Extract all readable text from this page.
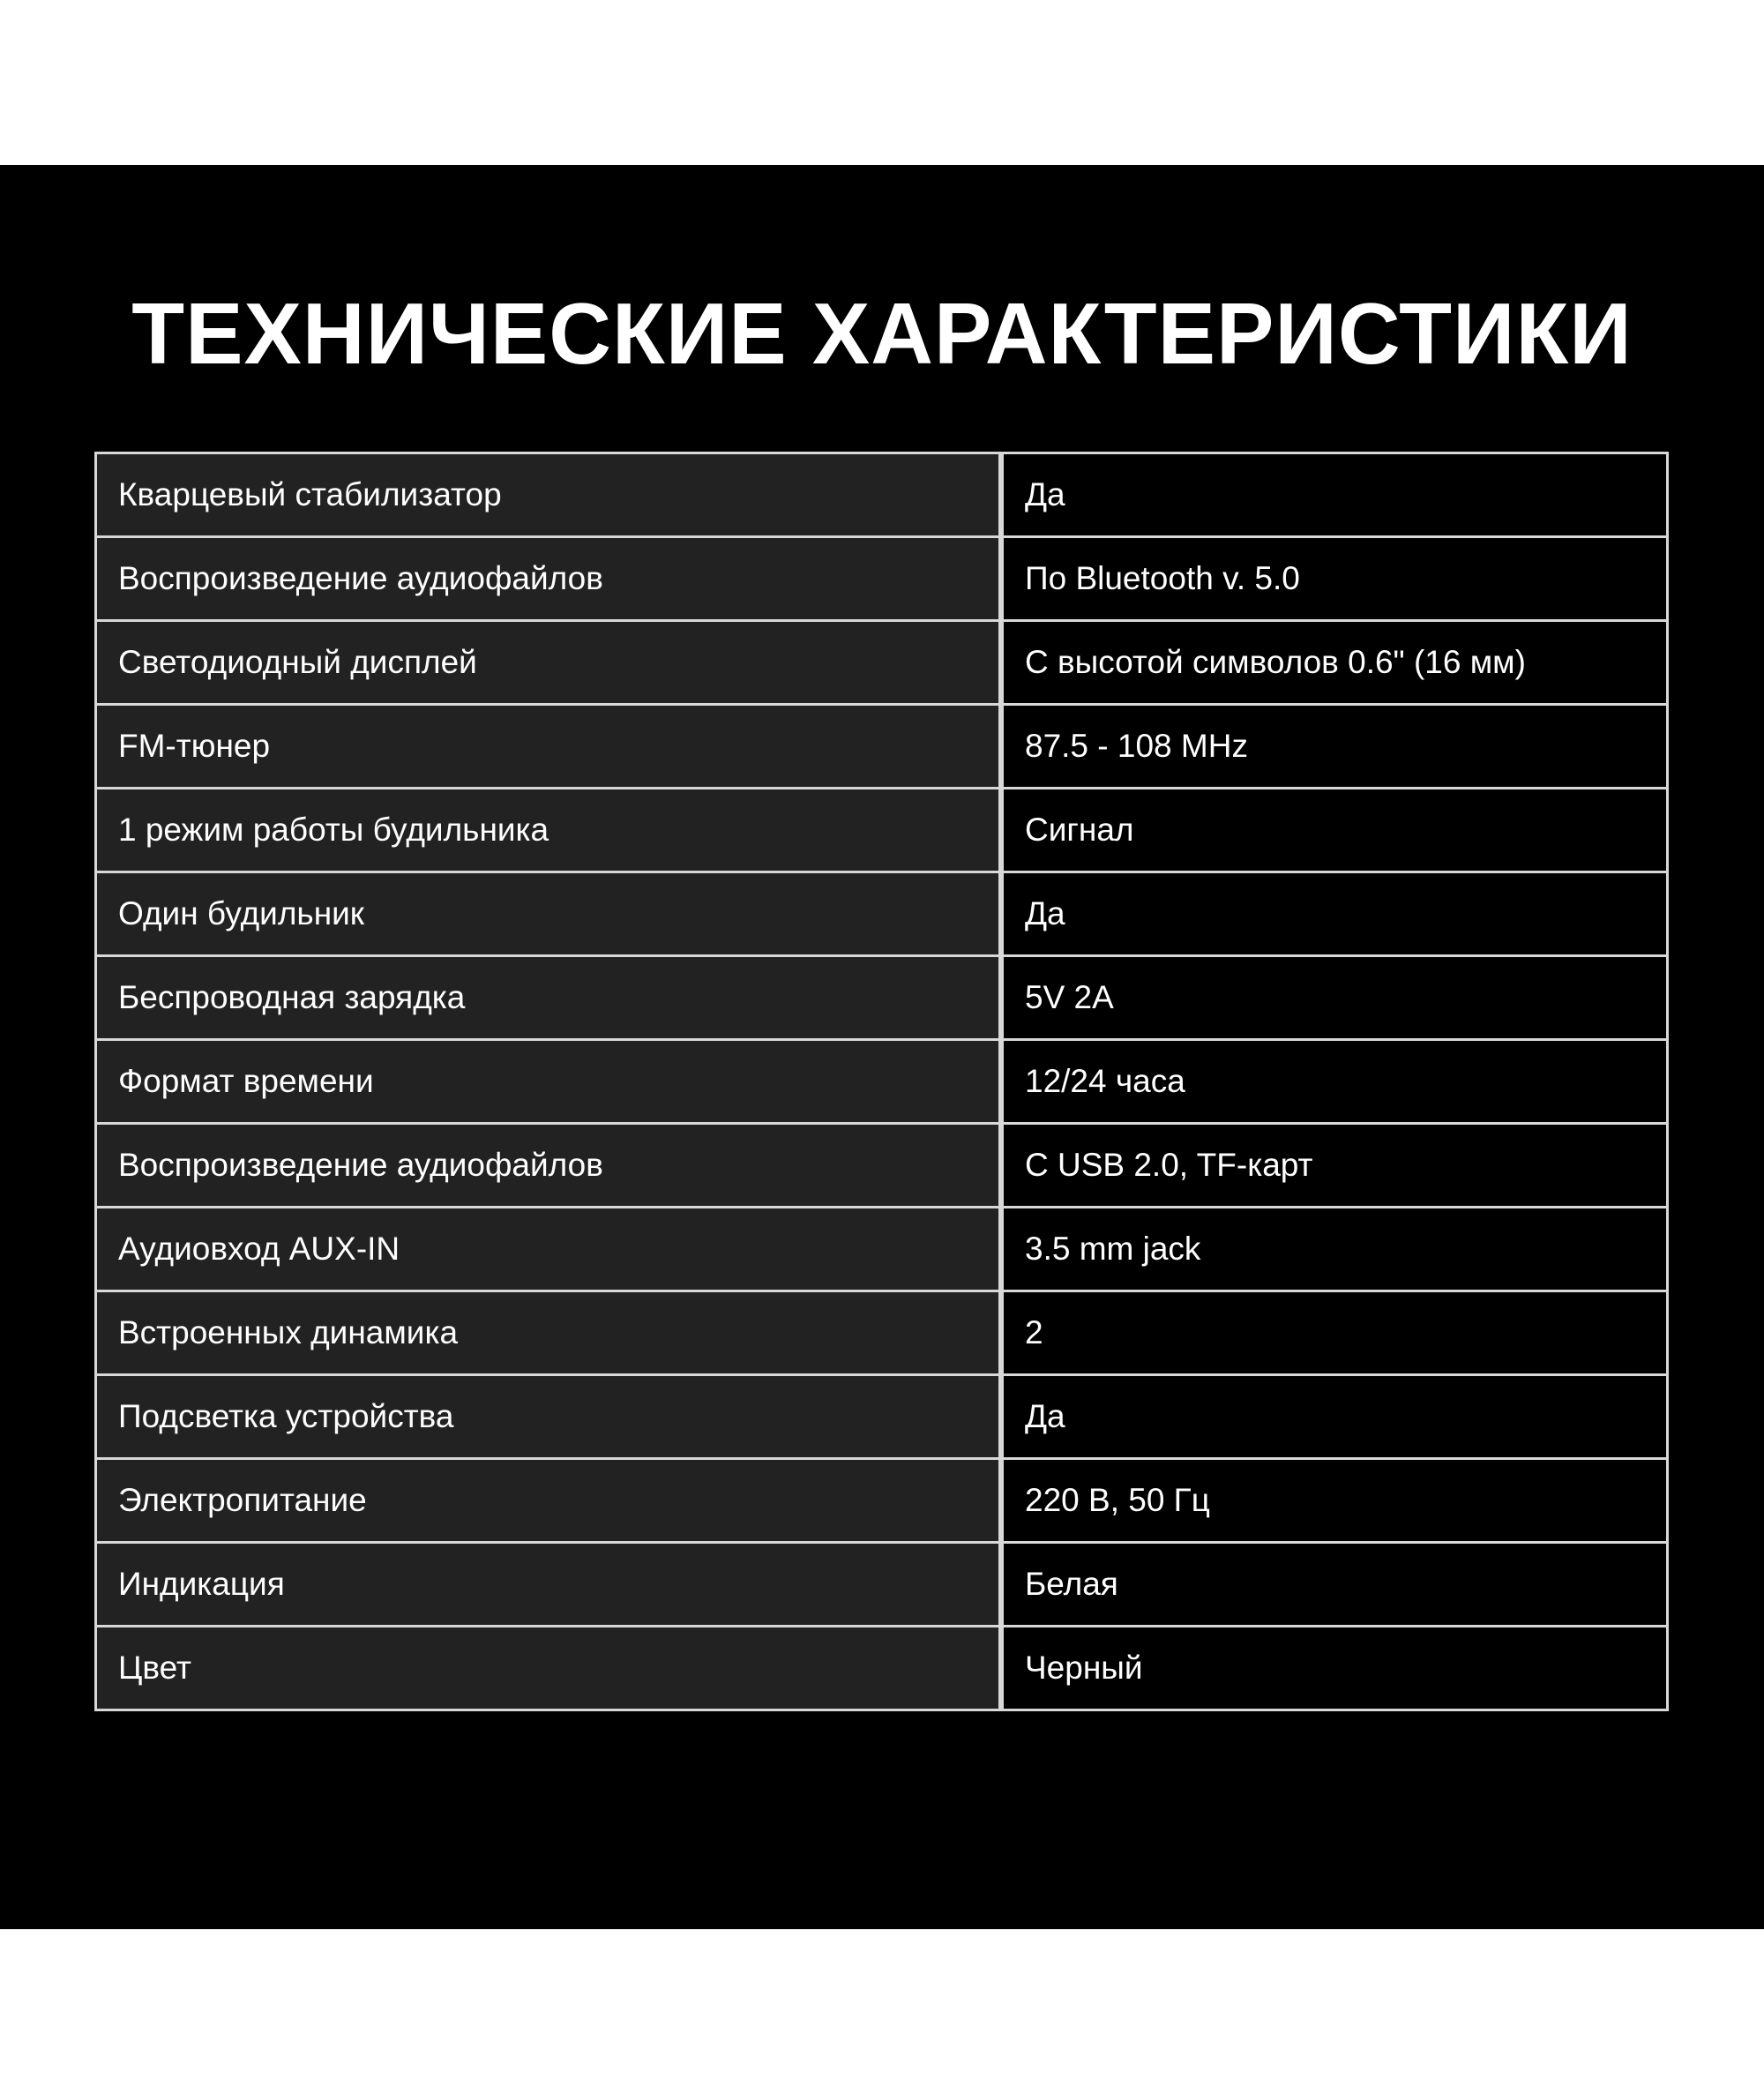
ТЕХНИЧЕСКИЕ ХАРАКТЕРИСТИКИ
Кварцевый стабилизатор	Да
Воспроизведение аудиофайлов	По Bluetooth v. 5.0
Светодиодный дисплей	С высотой символов 0.6" (16 мм)
FM-тюнер	87.5 - 108 MHz
1 режим работы будильника	Сигнал
Один будильник	Да
Беспроводная зарядка	5V 2A
Формат времени	12/24 часа
Воспроизведение аудиофайлов	С USB 2.0, TF-карт
Аудиовход AUX-IN	3.5 mm jack
Встроенных динамика	2
Подсветка устройства	Да
Электропитание	220 В, 50 Гц
Индикация	Белая
Цвет	Черный
